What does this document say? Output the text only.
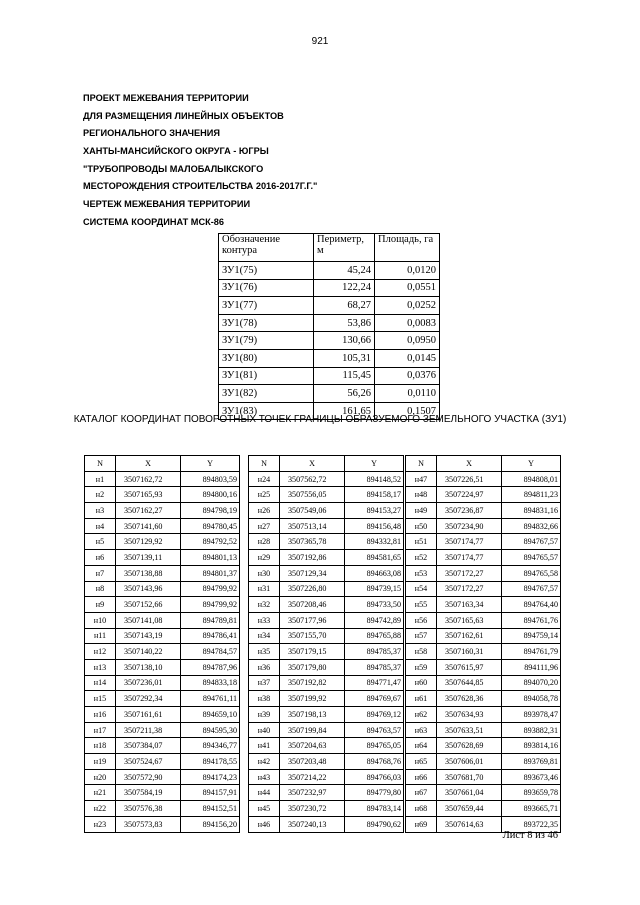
921
ПРОЕКТ МЕЖЕВАНИЯ ТЕРРИТОРИИ
ДЛЯ РАЗМЕЩЕНИЯ ЛИНЕЙНЫХ ОБЪЕКТОВ
РЕГИОНАЛЬНОГО ЗНАЧЕНИЯ
ХАНТЫ-МАНСИЙСКОГО ОКРУГА - ЮГРЫ
"ТРУБОПРОВОДЫ МАЛОБАЛЫКСКОГО
МЕСТОРОЖДЕНИЯ СТРОИТЕЛЬСТВА 2016-2017Г.Г."
ЧЕРТЕЖ МЕЖЕВАНИЯ ТЕРРИТОРИИ
СИСТЕМА КООРДИНАТ МСК-86
Обозначение контура	Периметр, м	Площадь, га
ЗУ1(75)	45,24	0,0120
ЗУ1(76)	122,24	0,0551
ЗУ1(77)	68,27	0,0252
ЗУ1(78)	53,86	0,0083
ЗУ1(79)	130,66	0,0950
ЗУ1(80)	105,31	0,0145
ЗУ1(81)	115,45	0,0376
ЗУ1(82)	56,26	0,0110
ЗУ1(83)	161,65	0,1507
КАТАЛОГ КООРДИНАТ ПОВОРОТНЫХ ТОЧЕК ГРАНИЦЫ ОБРАЗУЕМОГО ЗЕМЕЛЬНОГО УЧАСТКА (ЗУ1)
N	X	Y
н1	3507162,72	894803,59
н2	3507165,93	894800,16
н3	3507162,27	894798,19
н4	3507141,60	894780,45
н5	3507129,92	894792,52
н6	3507139,11	894801,13
н7	3507138,88	894801,37
н8	3507143,96	894799,92
н9	3507152,66	894799,92
н10	3507141,08	894789,81
н11	3507143,19	894786,41
н12	3507140,22	894784,57
н13	3507138,10	894787,96
н14	3507236,01	894833,18
н15	3507292,34	894761,11
н16	3507161,61	894659,10
н17	3507211,38	894595,30
н18	3507384,07	894346,77
н19	3507524,67	894178,55
н20	3507572,90	894174,23
н21	3507584,19	894157,91
н22	3507576,38	894152,51
н23	3507573,83	894156,20
N	X	Y
н24	3507562,72	894148,52
н25	3507556,05	894158,17
н26	3507549,06	894153,27
н27	3507513,14	894156,48
н28	3507365,78	894332,81
н29	3507192,86	894581,65
н30	3507129,34	894663,08
н31	3507226,80	894739,15
н32	3507208,46	894733,50
н33	3507177,96	894742,89
н34	3507155,70	894765,88
н35	3507179,15	894785,37
н36	3507179,80	894785,37
н37	3507192,82	894771,47
н38	3507199,92	894769,67
н39	3507198,13	894769,12
н40	3507199,84	894763,57
н41	3507204,63	894765,05
н42	3507203,48	894768,76
н43	3507214,22	894766,03
н44	3507232,97	894779,80
н45	3507230,72	894783,14
н46	3507240,13	894790,62
N	X	Y
н47	3507226,51	894808,01
н48	3507224,97	894811,23
н49	3507236,87	894831,16
н50	3507234,90	894832,66
н51	3507174,77	894767,57
н52	3507174,77	894765,57
н53	3507172,27	894765,58
н54	3507172,27	894767,57
н55	3507163,34	894764,40
н56	3507165,63	894761,76
н57	3507162,61	894759,14
н58	3507160,31	894761,79
н59	3507615,97	894111,96
н60	3507644,85	894070,20
н61	3507628,36	894058,78
н62	3507634,93	893978,47
н63	3507633,51	893882,31
н64	3507628,69	893814,16
н65	3507606,01	893769,81
н66	3507681,70	893673,46
н67	3507661,04	893659,78
н68	3507659,44	893665,71
н69	3507614,63	893722,35
Лист 8 из 46
